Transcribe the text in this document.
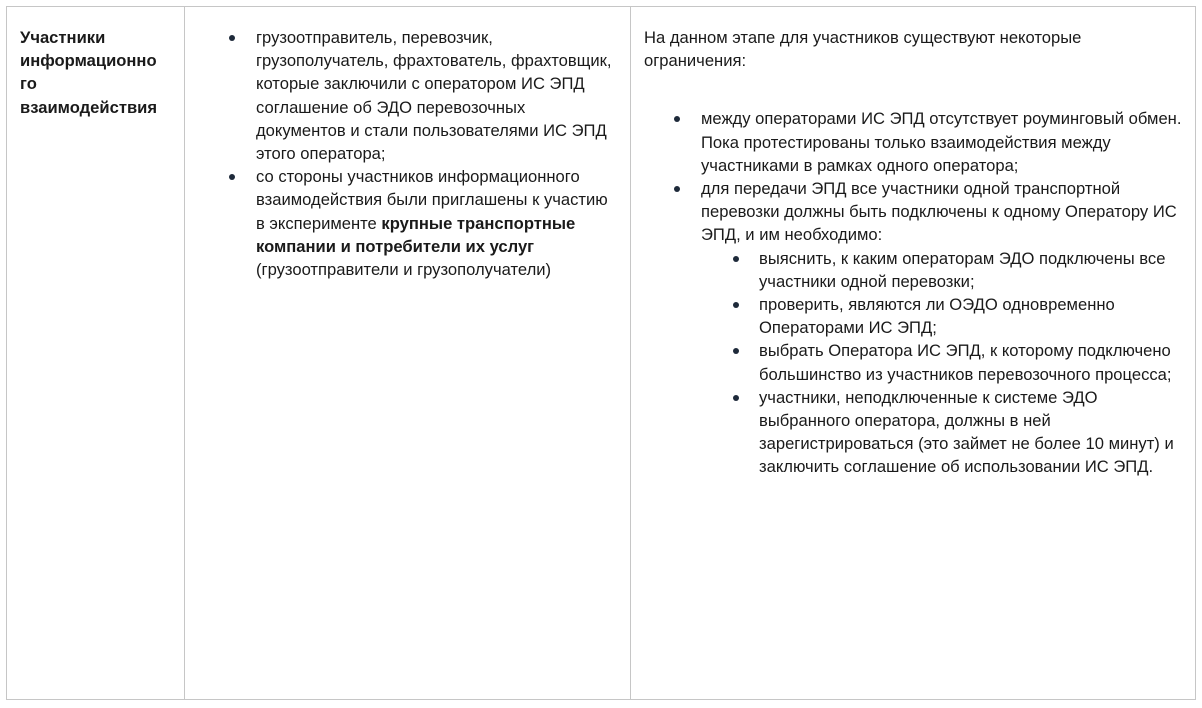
Участники информационно го взаимодействия

грузоотправитель, перевозчик, грузополучатель, фрахтователь, фрахтовщик, которые заключили с оператором ИС ЭПД соглашение об ЭДО перевозочных документов и стали пользователями ИС ЭПД этого оператора;
со стороны участников информационного взаимодействия были приглашены к участию в эксперименте крупные транспортные компании и потребители их услуг (грузоотправители и грузополучатели)

На данном этапе для участников существуют некоторые ограничения:

между операторами ИС ЭПД отсутствует роуминговый обмен. Пока протестированы только взаимодействия между участниками в рамках одного оператора;
для передачи ЭПД все участники одной транспортной перевозки должны быть подключены к одному Оператору ИС ЭПД, и им необходимо:
выяснить, к каким операторам ЭДО подключены все участники одной перевозки;
проверить, являются ли ОЭДО одновременно Операторами ИС ЭПД;
выбрать Оператора ИС ЭПД, к которому подключено большинство из участников перевозочного процесса;
участники, неподключенные к системе ЭДО выбранного оператора, должны в ней зарегистрироваться (это займет не более 10 минут) и заключить соглашение об использовании ИС ЭПД.
